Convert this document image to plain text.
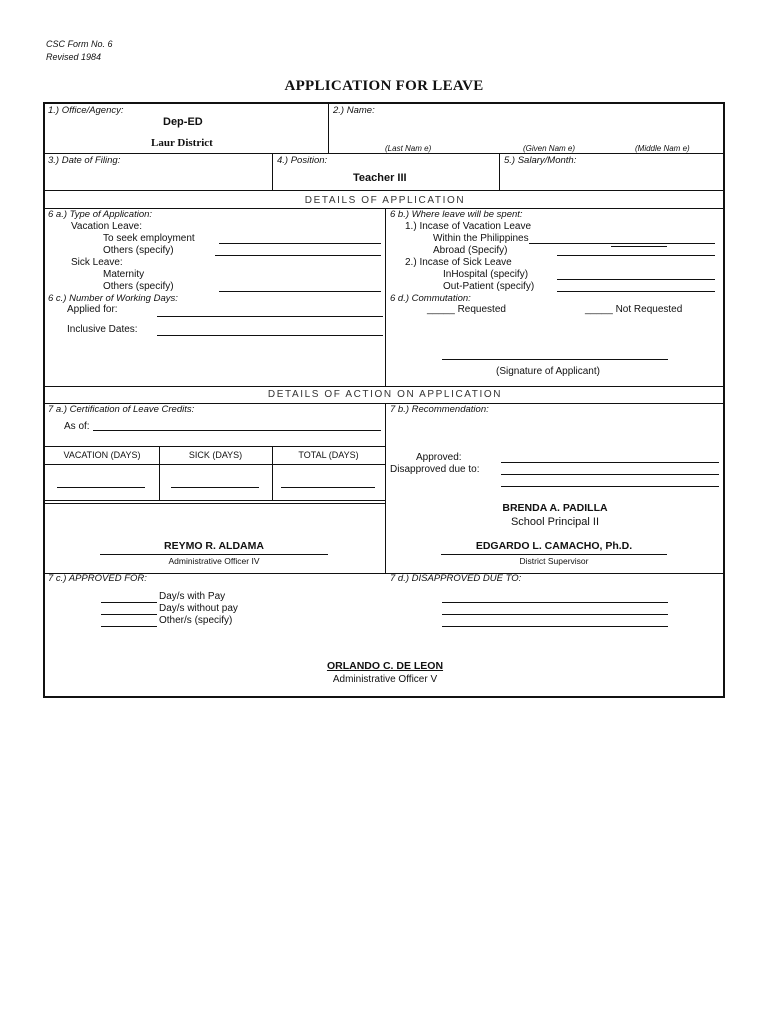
CSC Form No. 6
Revised 1984
APPLICATION FOR LEAVE
1.) Office/Agency:
Dep-ED
Laur District
2.) Name:
(Last Nam e)	(Given Nam e)	(Middle Nam e)
3.) Date of Filing:	4.) Position:
Teacher III
5.) Salary/Month:
DETAILS OF APPLICATION
6 a.) Type of Application:
Vacation Leave:
To seek employment
Others (specify)
Sick Leave:
Maternity
Others (specify)
6 b.) Where leave will be spent:
1.) Incase of Vacation Leave
Within the Philippines
Abroad (Specify)
2.) Incase of Sick Leave
InHospital (specify)
Out-Patient (specify)
6 c.) Number of Working Days:
Applied for:
Inclusive Dates:
6 d.) Commutation:
_____ Requested	_____ Not Requested
(Signature of Applicant)
DETAILS OF ACTION ON APPLICATION
7 a.) Certification of Leave Credits:
As of:
VACATION (DAYS)	SICK (DAYS)	TOTAL (DAYS)
REYMO R. ALDAMA
Administrative Officer IV
7 b.) Recommendation:
Approved:
Disapproved due to:
BRENDA A. PADILLA
School Principal II
EDGARDO L. CAMACHO, Ph.D.
District Supervisor
7 c.) APPROVED FOR:
Day/s with Pay
Day/s without pay
Other/s (specify)
7 d.) DISAPPROVED DUE TO:
ORLANDO C. DE LEON
Administrative Officer V
